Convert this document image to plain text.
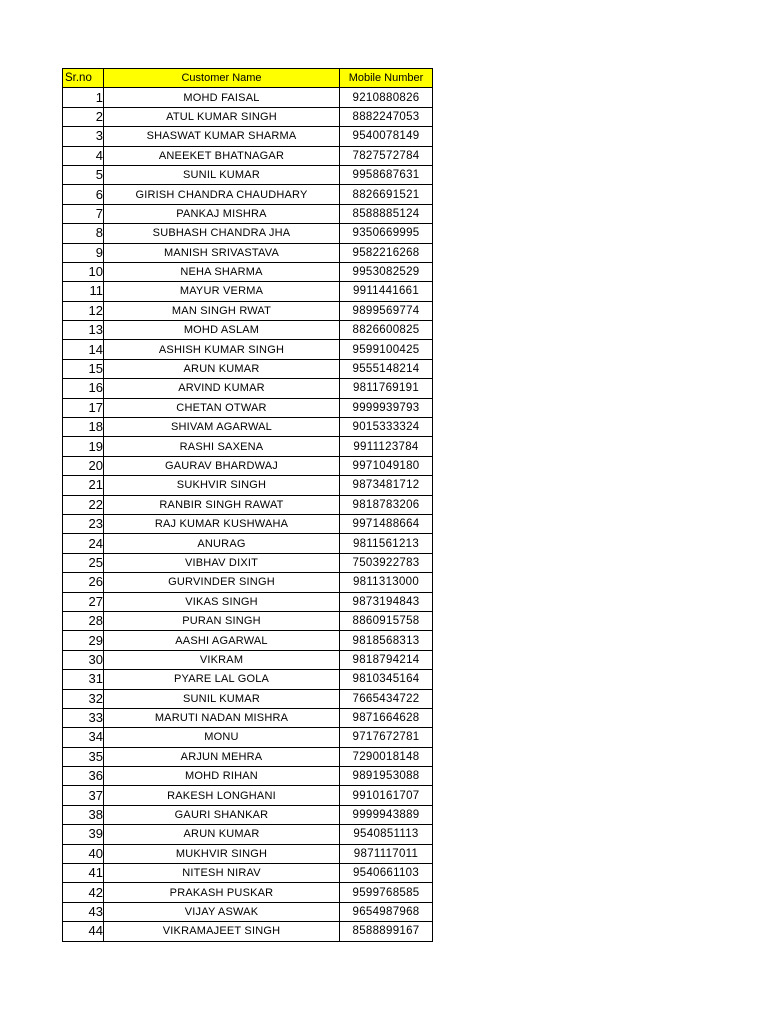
Sr.no	Customer Name	Mobile Number
1	MOHD FAISAL	9210880826
2	ATUL KUMAR SINGH	8882247053
3	SHASWAT KUMAR SHARMA	9540078149
4	ANEEKET BHATNAGAR	7827572784
5	SUNIL KUMAR	9958687631
6	GIRISH CHANDRA CHAUDHARY	8826691521
7	PANKAJ MISHRA	8588885124
8	SUBHASH CHANDRA JHA	9350669995
9	MANISH SRIVASTAVA	9582216268
10	NEHA SHARMA	9953082529
11	MAYUR VERMA	9911441661
12	MAN SINGH RWAT	9899569774
13	MOHD ASLAM	8826600825
14	ASHISH KUMAR SINGH	9599100425
15	ARUN KUMAR	9555148214
16	ARVIND KUMAR	9811769191
17	CHETAN OTWAR	9999939793
18	SHIVAM AGARWAL	9015333324
19	RASHI SAXENA	9911123784
20	GAURAV BHARDWAJ	9971049180
21	SUKHVIR SINGH	9873481712
22	RANBIR SINGH RAWAT	9818783206
23	RAJ KUMAR KUSHWAHA	9971488664
24	ANURAG	9811561213
25	VIBHAV DIXIT	7503922783
26	GURVINDER SINGH	9811313000
27	VIKAS SINGH	9873194843
28	PURAN SINGH	8860915758
29	AASHI AGARWAL	9818568313
30	VIKRAM	9818794214
31	PYARE LAL GOLA	9810345164
32	SUNIL KUMAR	7665434722
33	MARUTI NADAN MISHRA	9871664628
34	MONU	9717672781
35	ARJUN MEHRA	7290018148
36	MOHD RIHAN	9891953088
37	RAKESH LONGHANI	9910161707
38	GAURI SHANKAR	9999943889
39	ARUN KUMAR	9540851113
40	MUKHVIR SINGH	9871117011
41	NITESH NIRAV	9540661103
42	PRAKASH PUSKAR	9599768585
43	VIJAY ASWAK	9654987968
44	VIKRAMAJEET SINGH	8588899167
